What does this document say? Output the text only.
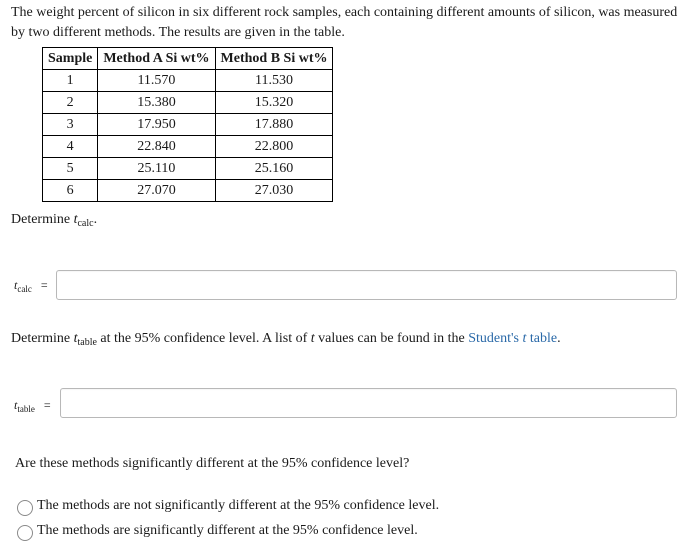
The weight percent of silicon in six different rock samples, each containing different amounts of silicon, was measured by two different methods. The results are given in the table.
Sample	Method A Si wt%	Method B Si wt%
1	11.570	11.530
2	15.380	15.320
3	17.950	17.880
4	22.840	22.800
5	25.110	25.160
6	27.070	27.030
Determine $t_{calc}$.
$t_{calc}$ =
Determine $t_{table}$ at the 95% confidence level. A list of t values can be found in the Student's t table.
$t_{table}$ =
Are these methods significantly different at the 95% confidence level?
The methods are not significantly different at the 95% confidence level.
The methods are significantly different at the 95% confidence level.
